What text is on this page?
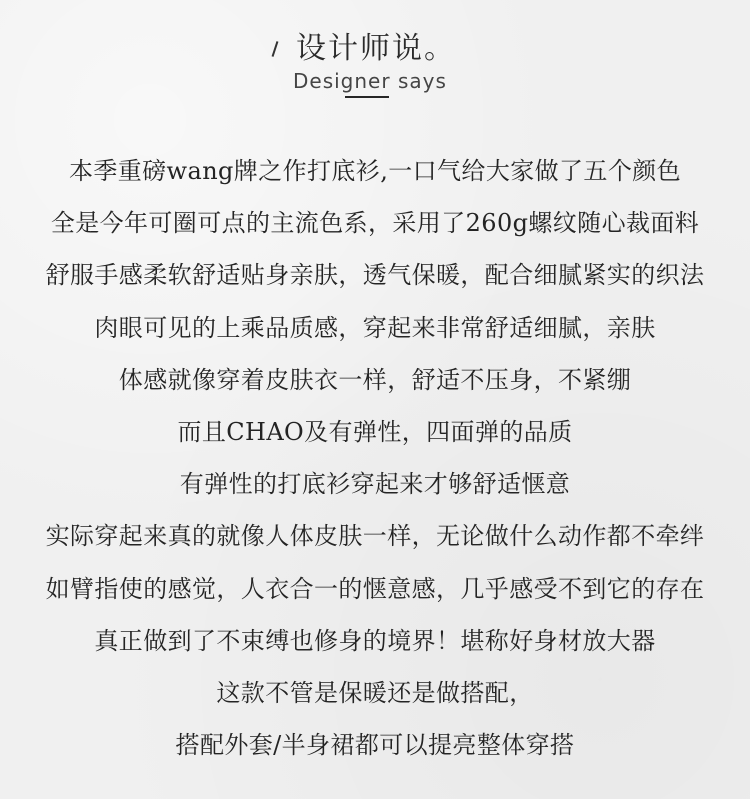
设计师说。
Designer says
本季重磅wang牌之作打底衫,一口气给大家做了五个颜色
全是今年可圈可点的主流色系，采用了260g螺纹随心裁面料
舒服手感柔软舒适贴身亲肤，透气保暖，配合细腻紧实的织法
肉眼可见的上乘品质感，穿起来非常舒适细腻，亲肤
体感就像穿着皮肤衣一样，舒适不压身，不紧绷
而且CHAO及有弹性，四面弹的品质
有弹性的打底衫穿起来才够舒适惬意
实际穿起来真的就像人体皮肤一样，无论做什么动作都不牵绊
如臂指使的感觉，人衣合一的惬意感，几乎感受不到它的存在
真正做到了不束缚也修身的境界！堪称好身材放大器
这款不管是保暖还是做搭配，
搭配外套/半身裙都可以提亮整体穿搭
